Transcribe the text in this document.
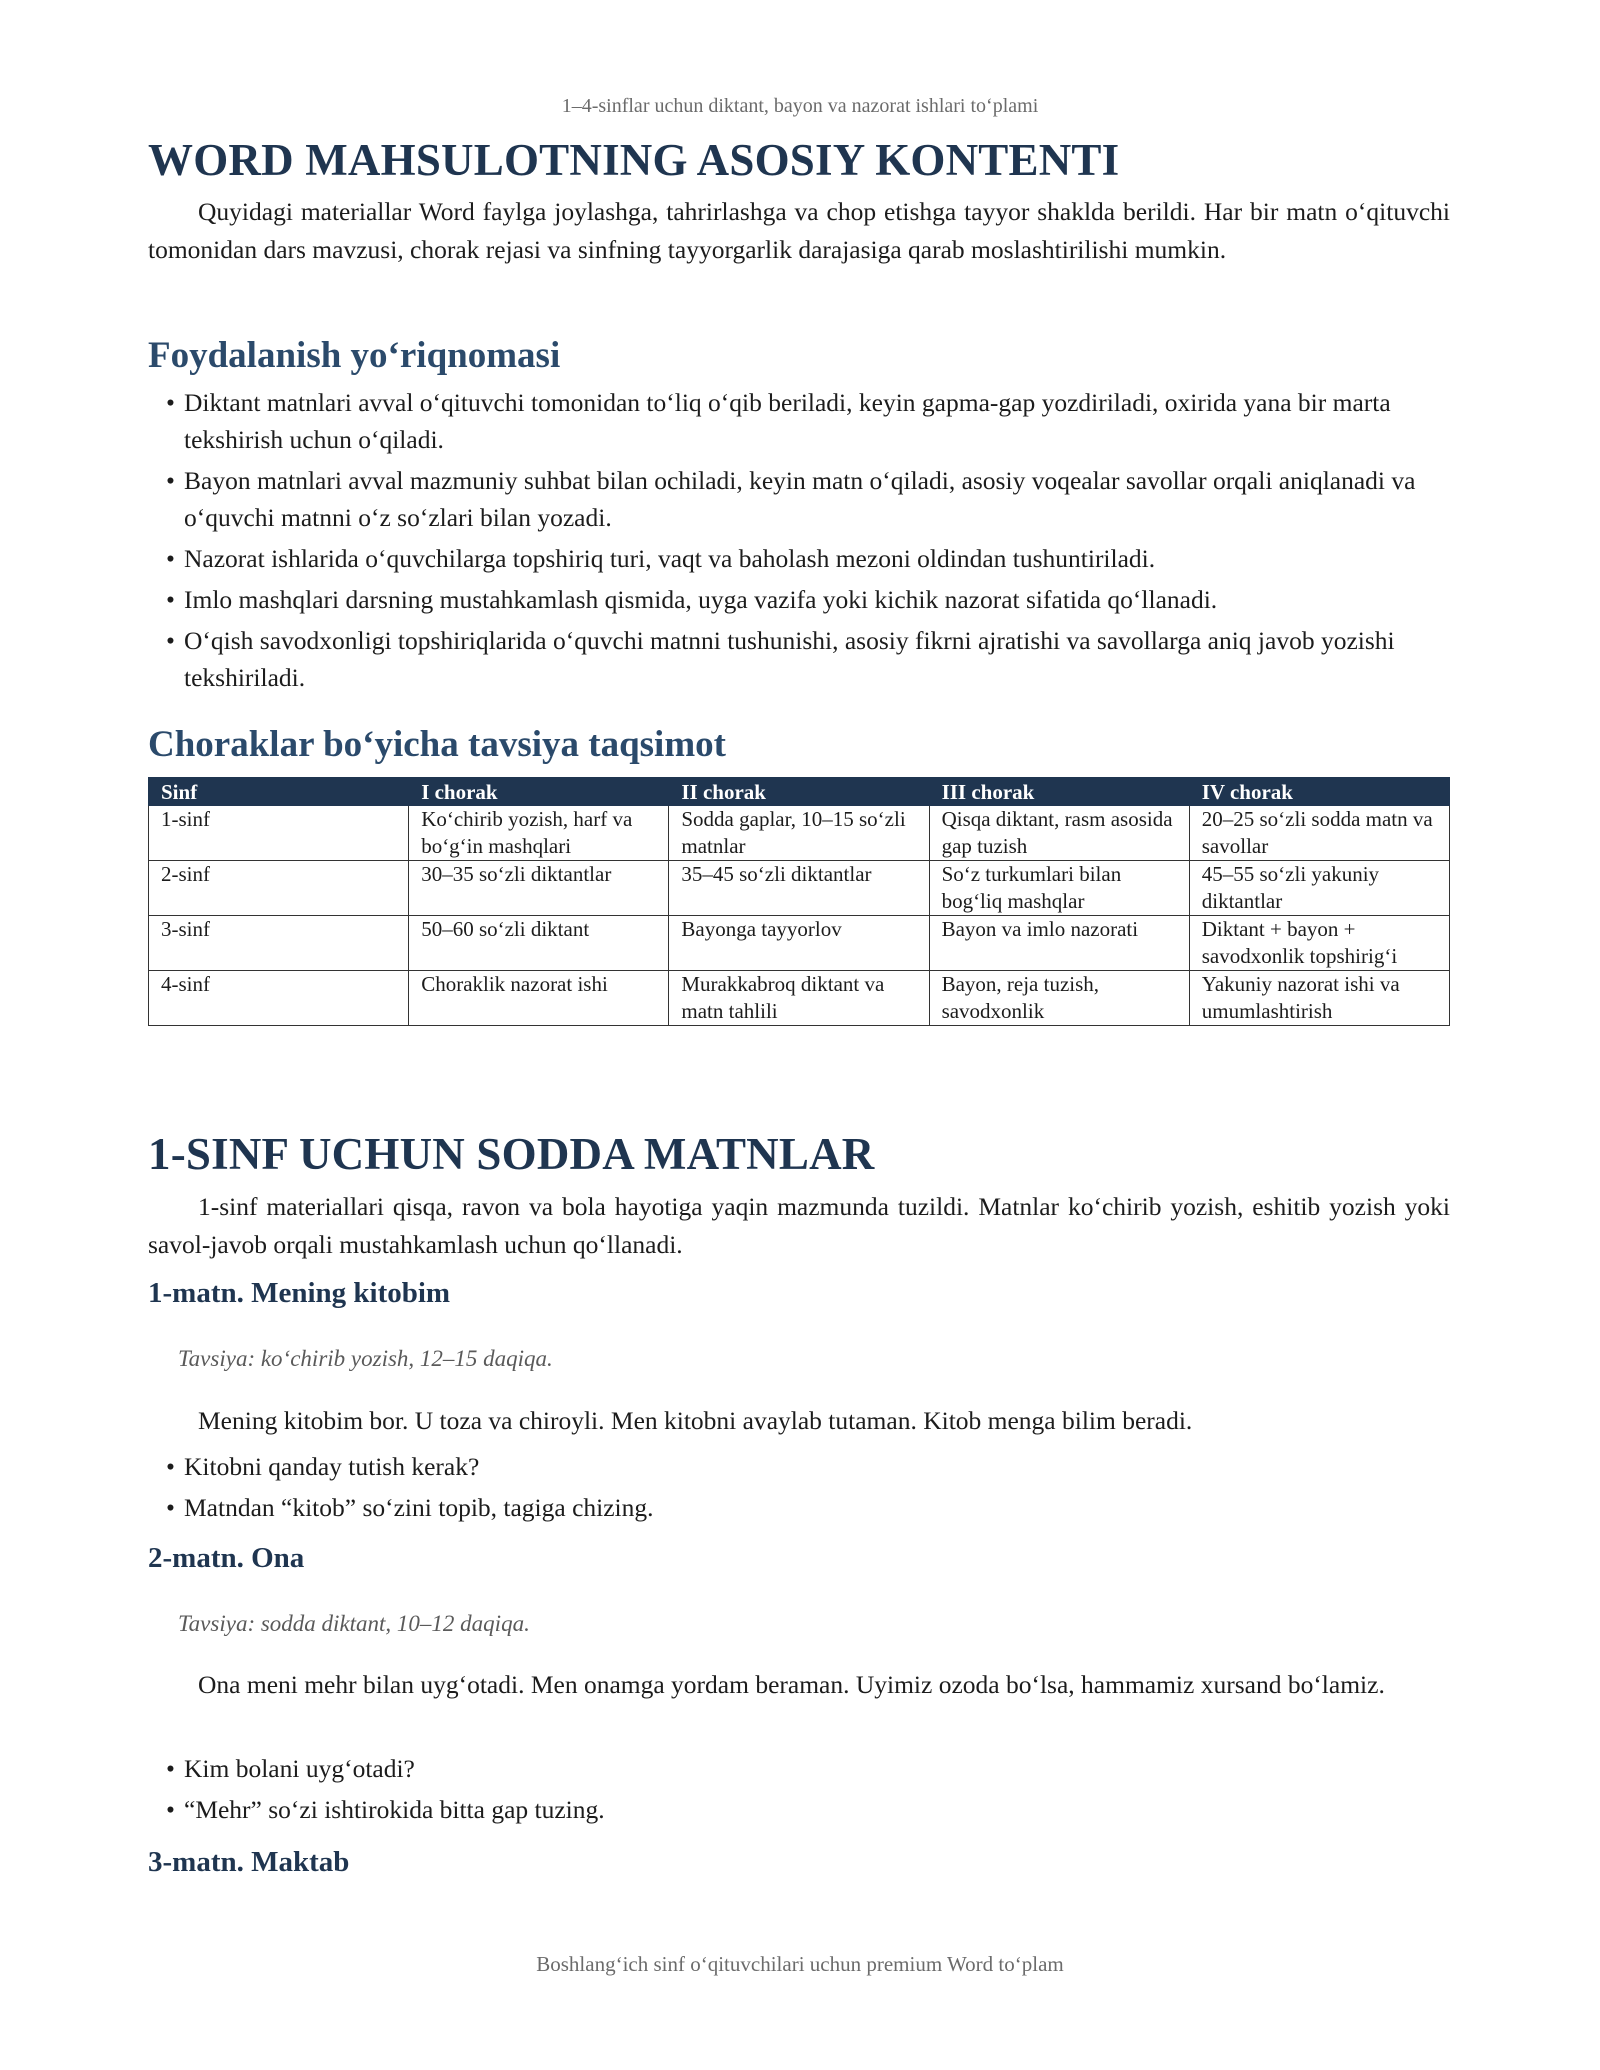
1–4-sinflar uchun diktant, bayon va nazorat ishlari to‘plami
WORD MAHSULOTNING ASOSIY KONTENTI

Quyidagi materiallar Word faylga joylashga, tahrirlashga va chop etishga tayyor shaklda berildi. Har bir matn o‘qituvchi tomonidan dars mavzusi, chorak rejasi va sinfning tayyorgarlik darajasiga qarab moslashtirilishi mumkin.

Foydalanish yo‘riqnomasi
• Diktant matnlari avval o‘qituvchi tomonidan to‘liq o‘qib beriladi, keyin gapma-gap yozdiriladi, oxirida yana bir marta tekshirish uchun o‘qiladi.
• Bayon matnlari avval mazmuniy suhbat bilan ochiladi, keyin matn o‘qiladi, asosiy voqealar savollar orqali aniqlanadi va o‘quvchi matnni o‘z so‘zlari bilan yozadi.
• Nazorat ishlarida o‘quvchilarga topshiriq turi, vaqt va baholash mezoni oldindan tushuntiriladi.
• Imlo mashqlari darsning mustahkamlash qismida, uyga vazifa yoki kichik nazorat sifatida qo‘llanadi.
• O‘qish savodxonligi topshiriqlarida o‘quvchi matnni tushunishi, asosiy fikrni ajratishi va savollarga aniq javob yozishi tekshiriladi.
Choraklar bo‘yicha tavsiya taqsimot
Sinf	I chorak	II chorak	III chorak	IV chorak
1-sinf	Ko‘chirib yozish, harf va bo‘g‘in mashqlari	Sodda gaplar, 10–15 so‘zli matnlar	Qisqa diktant, rasm asosida gap tuzish	20–25 so‘zli sodda matn va savollar
2-sinf	30–35 so‘zli diktantlar	35–45 so‘zli diktantlar	So‘z turkumlari bilan bog‘liq mashqlar	45–55 so‘zli yakuniy diktantlar
3-sinf	50–60 so‘zli diktant	Bayonga tayyorlov	Bayon va imlo nazorati	Diktant + bayon + savodxonlik topshirig‘i
4-sinf	Choraklik nazorat ishi	Murakkabroq diktant va matn tahlili	Bayon, reja tuzish, savodxonlik	Yakuniy nazorat ishi va umumlashtirish
1-SINF UCHUN SODDA MATNLAR

1-sinf materiallari qisqa, ravon va bola hayotiga yaqin mazmunda tuzildi. Matnlar ko‘chirib yozish, eshitib yozish yoki savol-javob orqali mustahkamlash uchun qo‘llanadi.

1-matn. Mening kitobim
Tavsiya: ko‘chirib yozish, 12–15 daqiqa.

Mening kitobim bor. U toza va chiroyli. Men kitobni avaylab tutaman. Kitob menga bilim beradi.

• Kitobni qanday tutish kerak?
• Matndan “kitob” so‘zini topib, tagiga chizing.
2-matn. Ona
Tavsiya: sodda diktant, 10–12 daqiqa.

Ona meni mehr bilan uyg‘otadi. Men onamga yordam beraman. Uyimiz ozoda bo‘lsa, hammamiz xursand bo‘lamiz.

• Kim bolani uyg‘otadi?
• “Mehr” so‘zi ishtirokida bitta gap tuzing.
3-matn. Maktab
Boshlang‘ich sinf o‘qituvchilari uchun premium Word to‘plam
